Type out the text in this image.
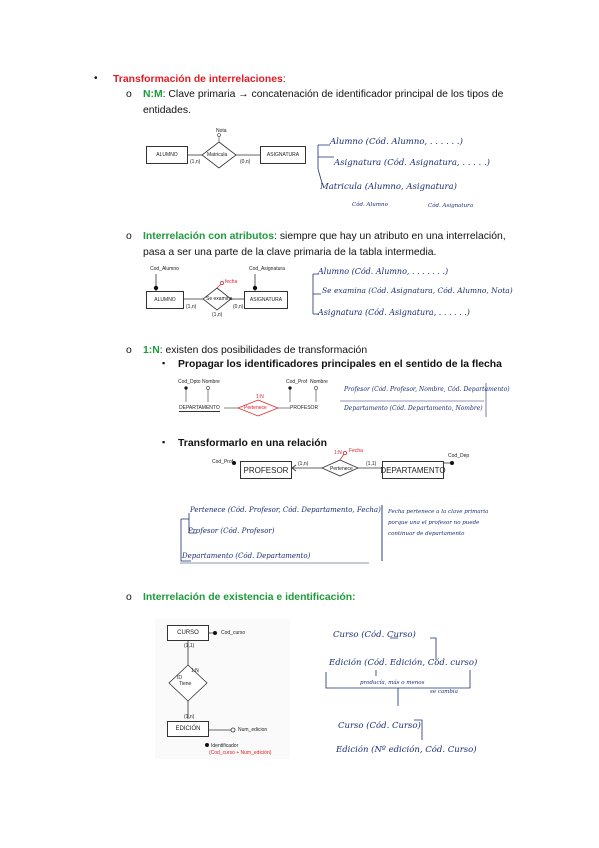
• Transformación de interrelaciones:
o N:M: Clave primaria → concatenación de identificador principal de los tipos de entidades.
ALUMNO	ASIGNATURA
Matricula
Nota
(1,n)	(0,n)
Alumno (Cód. Alumno, . . . . . .)
Asignatura (Cód. Asignatura, . . . . .)
Matricula (Alumno, Asignatura)
Cód. Alumno	Cód. Asignatura
o Interrelación con atributos: siempre que hay un atributo en una interrelación, pasa a ser una parte de la clave primaria de la tabla intermedia.
Cod_Alumno	Cod_Asignatura
fecha
ALUMNO	ASIGNATURA
Se examina
(1,n)	(0,n)
(1,n)
Alumno (Cód. Alumno, . . . . . . .)
Se examina (Cód. Asignatura, Cód. Alumno, Nota)
Asignatura (Cód. Asignatura, . . . . . .)
o 1:N: existen dos posibilidades de transformación
▪ Propagar los identificadores principales en el sentido de la flecha
Cod_Dpto Nombre	Cod_Prof Nombre
1:N
DEPARTAMENTO	Pertenece	PROFESOR
Profesor (Cód. Profesor, Nombre, Cód. Departamento)
Departamento (Cód. Departamento, Nombre)
▪ Transformarlo en una relación
Cod_Prof
Cod_Dep
1:N Fecha
(1,n)	(1,1)
Pertenece
PROFESOR	DEPARTAMENTO
Pertenece (Cód. Profesor, Cód. Departamento, Fecha)
Profesor (Cód. Profesor)
Departamento (Cód. Departamento)
Fecha pertenece a la clave primaria
porque una el profesor no puede
continuar de departamento
o Interrelación de existencia e identificación:
CURSO
EDICIÓN
Cod_curso
(1,1)
1:N
Tiene
ID
(1,n)
Num_edicion
Identificador
(Cod_curso + Num_edición)
Curso (Cód. Curso)
Edición (Cód. Edición, Cód. curso)
producía, más o menos
se cambia
Curso (Cód. Curso)
Edición (Nº edición, Cód. Curso)
